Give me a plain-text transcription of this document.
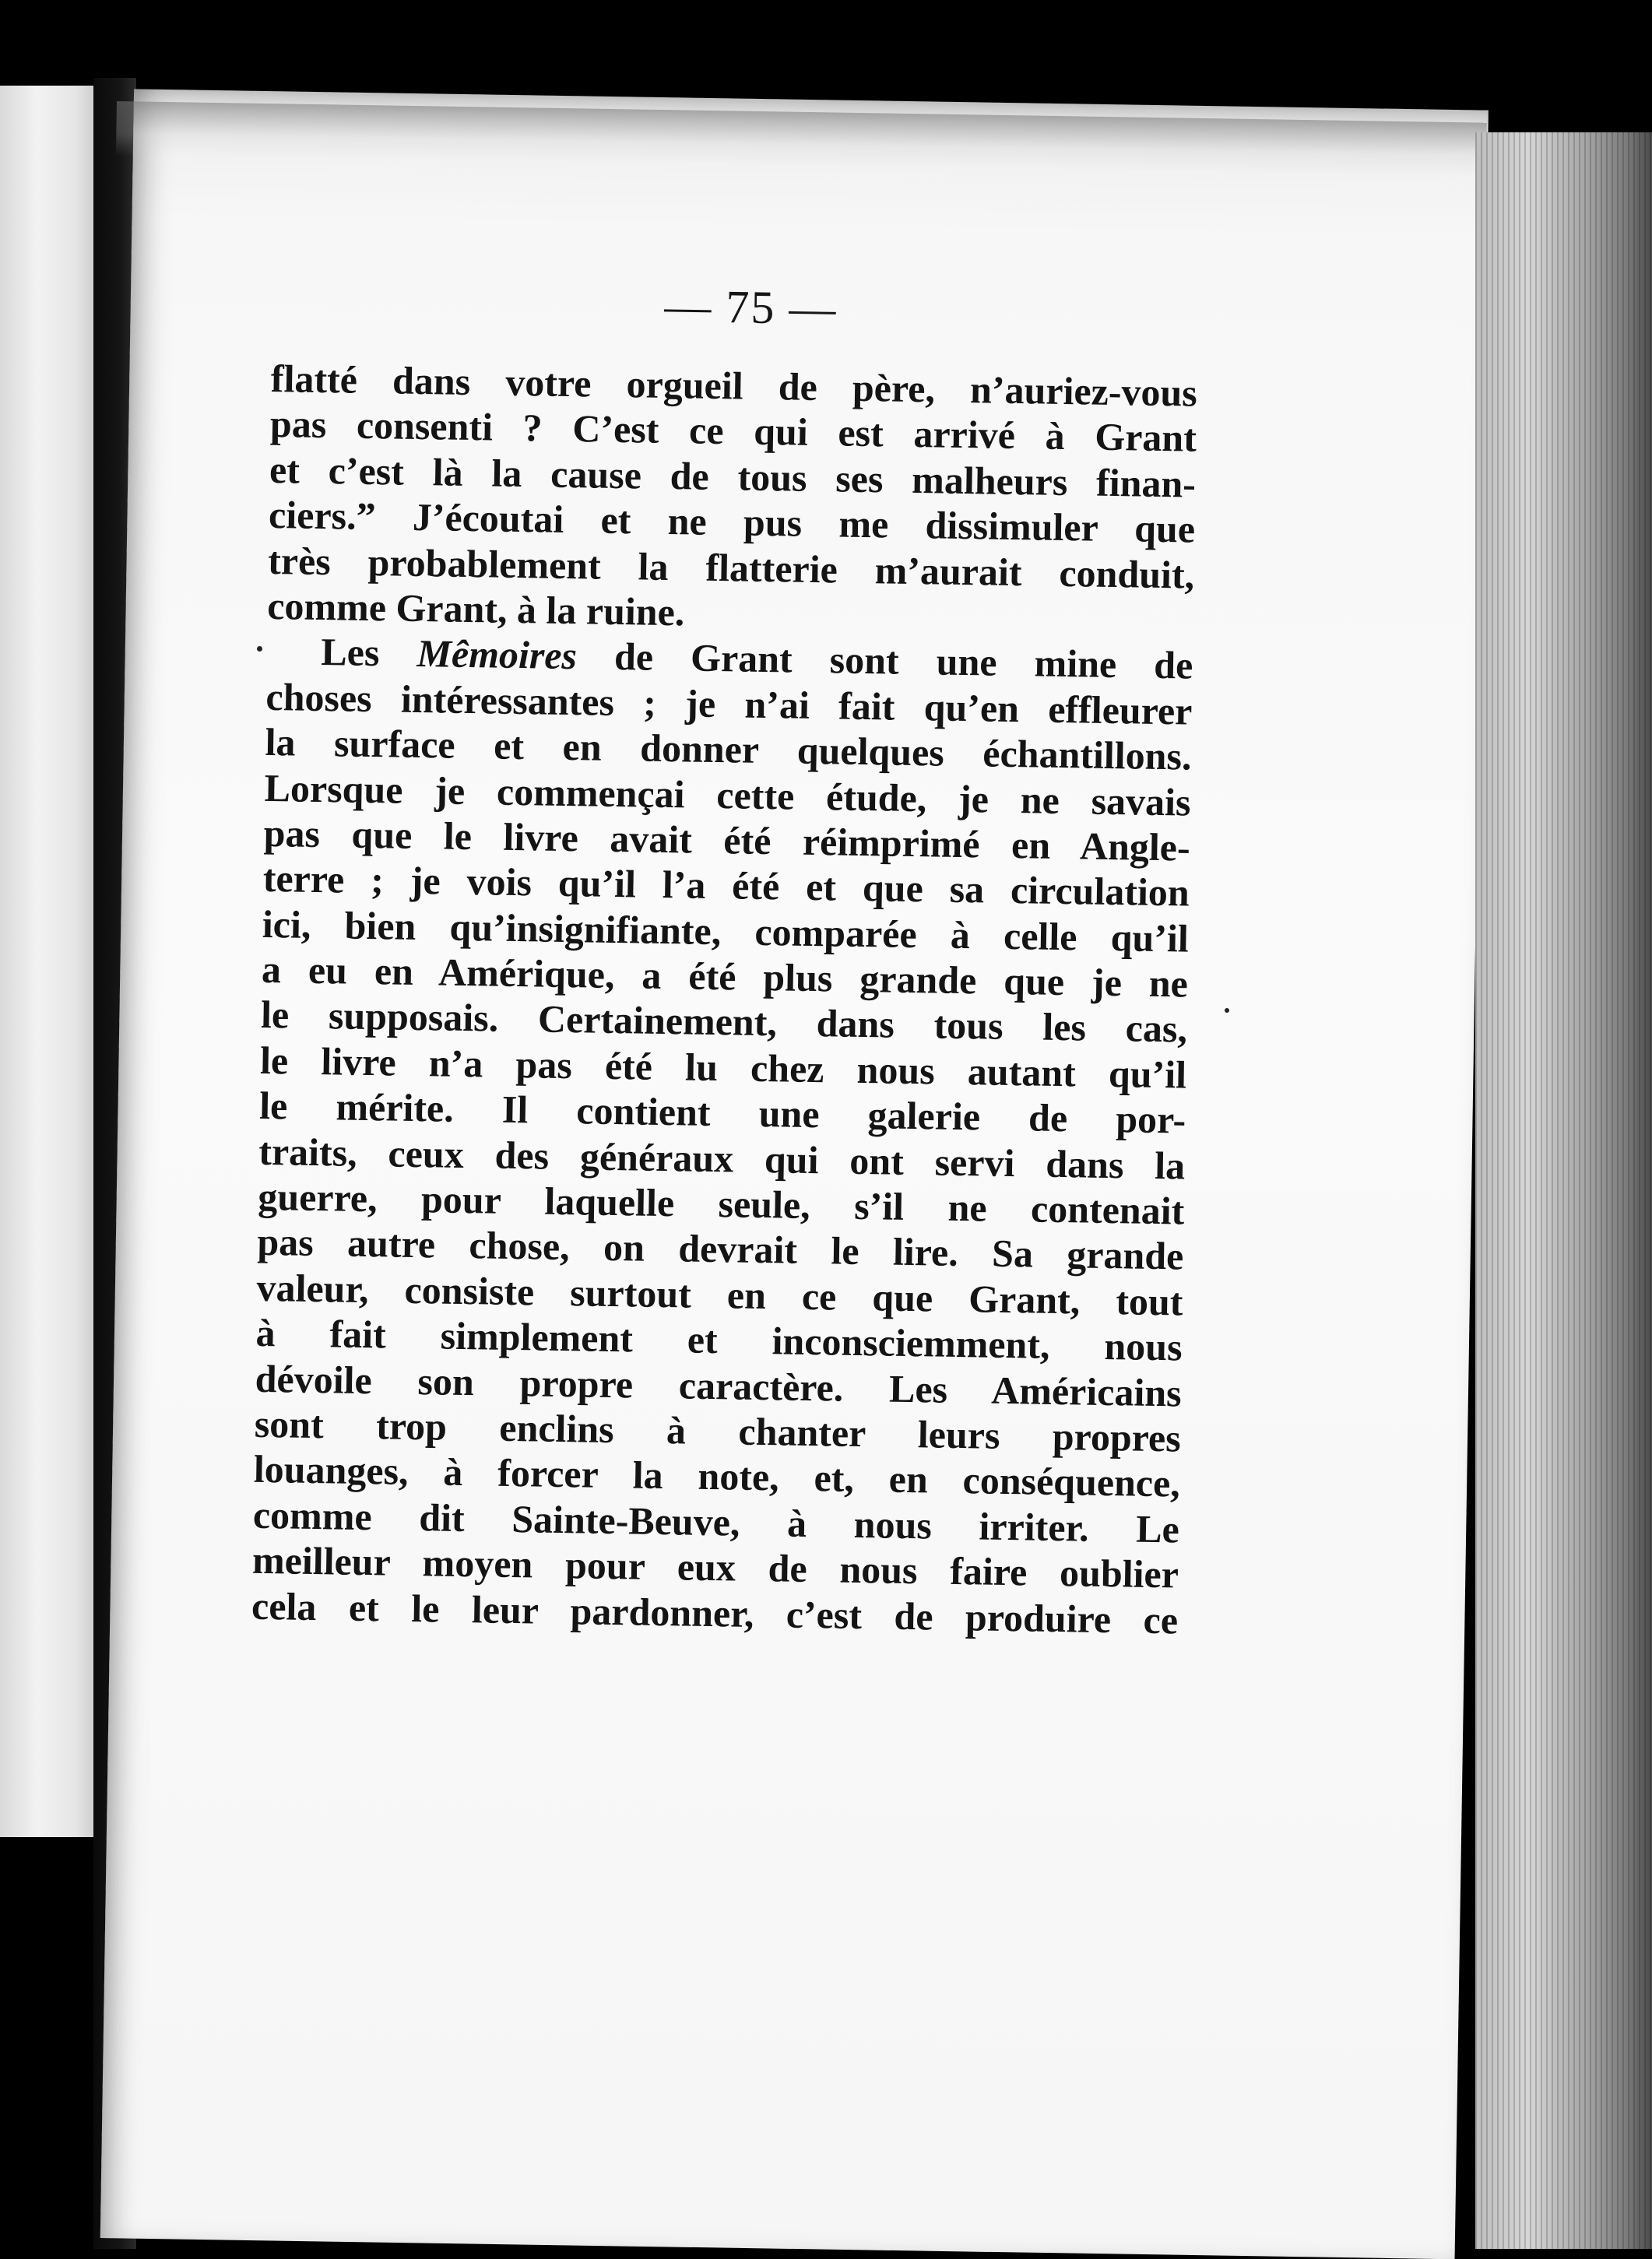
— 75 —
flatté dans votre orgueil de père, n’auriez-vous
pas consenti ? C’est ce qui est arrivé à Grant
et c’est là la cause de tous ses malheurs finan-
ciers.” J’écoutai et ne pus me dissimuler que
très probablement la flatterie m’aurait conduit,
comme Grant, à la ruine.
Les Mêmoires de Grant sont une mine de
choses intéressantes ; je n’ai fait qu’en effleurer
la surface et en donner quelques échantillons.
Lorsque je commençai cette étude, je ne savais
pas que le livre avait été réimprimé en Angle-
terre ; je vois qu’il l’a été et que sa circulation
ici, bien qu’insignifiante, comparée à celle qu’il
a eu en Amérique, a été plus grande que je ne
le supposais. Certainement, dans tous les cas,
le livre n’a pas été lu chez nous autant qu’il
le mérite. Il contient une galerie de por-
traits, ceux des généraux qui ont servi dans la
guerre, pour laquelle seule, s’il ne contenait
pas autre chose, on devrait le lire. Sa grande
valeur, consiste surtout en ce que Grant, tout
à fait simplement et inconsciemment, nous
dévoile son propre caractère. Les Américains
sont trop enclins à chanter leurs propres
louanges, à forcer la note, et, en conséquence,
comme dit Sainte-Beuve, à nous irriter. Le
meilleur moyen pour eux de nous faire oublier
cela et le leur pardonner, c’est de produire ce
